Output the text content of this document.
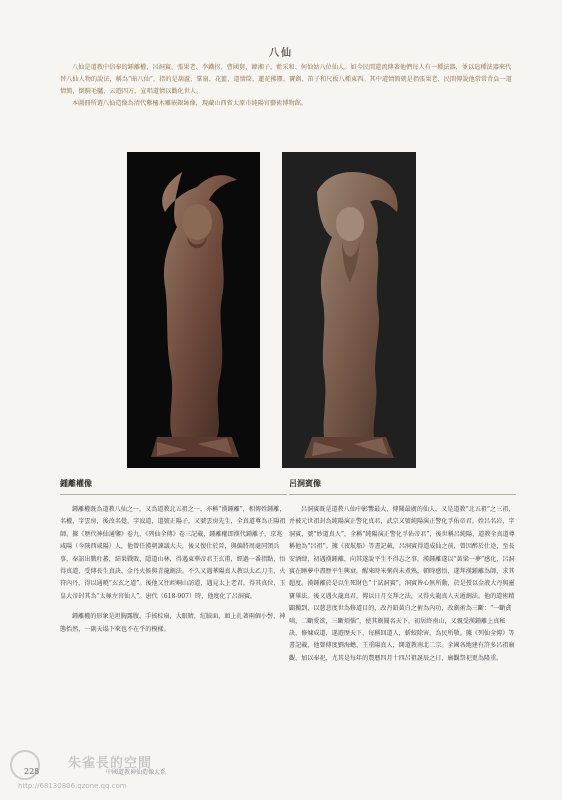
八仙

八仙是道教中信奉的鍾離權、呂洞賓、張果老、李鐵拐、曹國舅、韓湘子、藍采和、何仙姑八位仙人。如今民間還流傳著他們每人有一種法器，並以這種法器來代替八仙人物的說法，稱為“暗八仙”，指的是葫蘆、掌扇、花籃、道情筒、蓮花拂塵、寶劍、笛子和尺板八種東西。其中道情簡就是指張果老，民間傳說他常常背負一道情簡，倒騎毛驢，云遊四方，宣唱道情以勸化世人。

本圖冊所選八仙造像為清代紫檀木雕嵌銀絲像，現藏山西省太原市純陽宮藝術博物館。

鍾離權像	呂洞賓像

鍾離權既為道教八仙之一，又為道教北五祖之一，亦稱“漢鍾離”，相傳姓鍾離，名權，字雲房，後改名覺，字寂道，道號正陽子，又號雲房先生，全真道尊為正陽祖師。據《歷代神仙通鑒》卷九、《列仙全傳》卷三記載，鍾離權即漢代鍾離子，京兆咸陽（今陝西咸陽）人，他曾任漢朝諫議大夫，後又復仕於晉，與偏將周處同領兵事，奉詔出戰吐蕃，結果戰敗，隱道山林，得遇東華帝君王玄甫，經過一番指點，悟得真道，受傳長生真訣、金丹火候與青龍劍法。不久又遇華陽真人教以太乙刀圭、火符內丹，得以通曉“玄玄之道”。後他又往崆峒山訪道，遇見太上老君，得其真位，玉皇大帝封其為“太極左宮仙人”。唐代（618-907）時，他度化了呂洞賓。

鍾離權的形象是坦胸露腹，手搖棕扇，大眼睛，紅臉面，頭上扎著兩個小髻，神態怡然，一副天塌下來也不在乎的模樣。

呂洞賓既是道教八仙中影響最大、傳聞最廣的仙人，又是道教“北五祖”之三祖，并被元世祖封為純陽演正警化真君，武宗又號純陽演正警化孚佑帝君。姓呂名岩，字洞賓，號“妙道真人”，全稱“純陽演正警化孚佑帝君”，後世稱呂純陽，道教全真道尊稱他為“呂祖”。據《夜航船》等書記載，呂洞賓得道成仙之前，曾因醉於仕途，至長安酒肆，初遇漢鍾離，向其遂說平生不得志之事，漢鍾離遂以“黃粱一夢”感化，呂洞賓在睡夢中盡歷平生興衰，醒來時米粥尚未煮熟，頓時感悟，遂拜漢鍾離為師，求其超度。漢鍾離於是以生死財色“十試洞賓”，洞賓皆心無所動，於是授以金液大丹與靈寶畢法。後又遇火龍真君，傳以日月交拜之法，又得火龍真人天遁劍法。他的道術精闢獨到，以慈悲度世為修道目的，改丹鉛黃白之術為內功，改劍術為三斷：“一斷貪嗔，二斷愛欲，三斷煩惱”，使其劍聞名天下。初居終南山，又親受漢鍾離上真秘訣，修煉成道，遂遊歷天下，每稱回道人，斬蛟除害，為民所敬。據《列仙全傳》等書記載，他曾傳度劉海蟾、王重陽真人，開道教南北二宗。全國各地建有許多呂祖廟觀，加以奉祀，尤其是每年的農曆四月十四呂祖誕辰之日，廟觀祭祀更為隆重。

朱雀長的空間
http://68130806.qzone.qq.com
228	中國道教神仙造像大系
